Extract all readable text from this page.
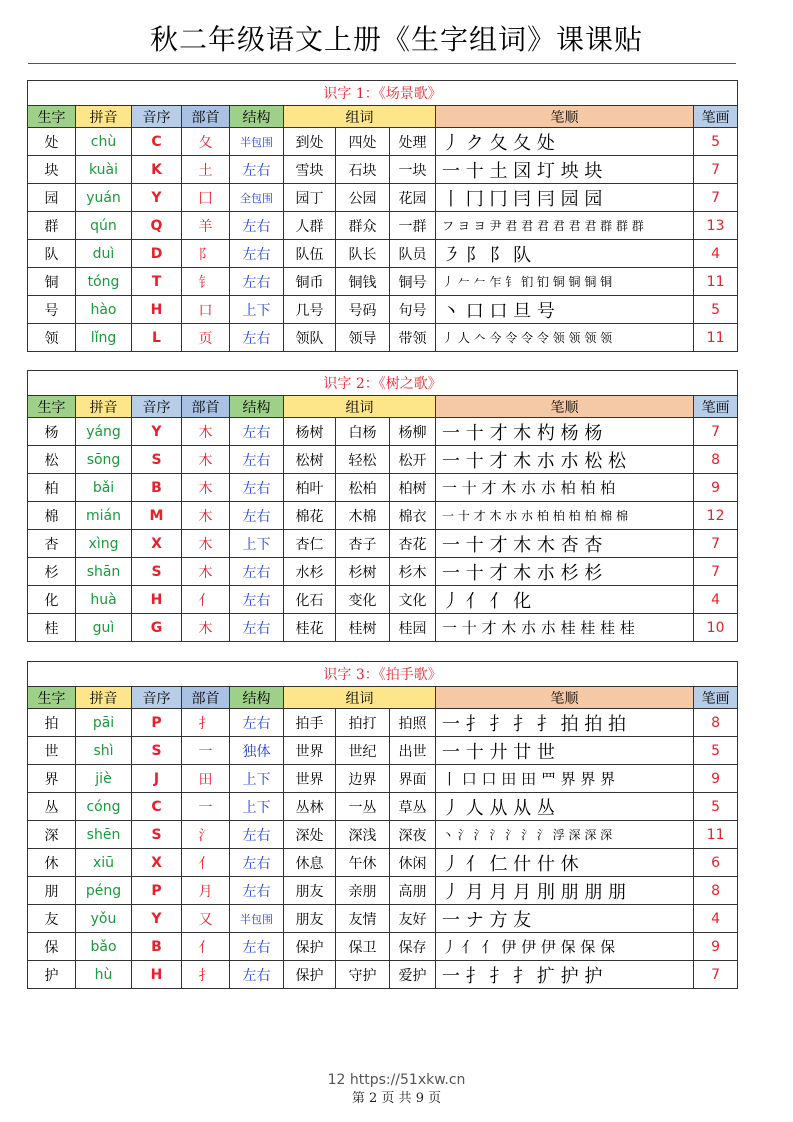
秋二年级语文上册《生字组词》课课贴
识字 1：《场景歌》									
生字	拼音	音序	部首	结构	组词			笔顺	笔画
处	chù	C	夂	半包围	到处	四处	处理	丿 ク 夂 夂 处	5
块	kuài	K	土	左右	雪块	石块	一块	一 十 土 㘝 圢 坱 块	7
园	yuán	Y	囗	全包围	园丁	公园	花园	丨 冂 冂 冃 冃 园 园	7
群	qún	Q	羊	左右	人群	群众	一群	フ ヨ ヨ 尹 君 君 君 君 君 君 群 群 群	13
队	duì	D	阝	左右	队伍	队长	队员	㇋ 阝 阝 队	4
铜	tóng	T	钅	左右	铜币	铜钱	铜号	丿 𠂉 𠂉 乍 钅 钔 钔 铜 铜 铜 铜	11
号	hào	H	口	上下	几号	号码	句号	丶 口 口 旦 号	5
领	lǐng	L	页	左右	领队	领导	带领	丿 人 𠆢 今 令 令 令 领 领 领 领	11
识字 2：《树之歌》									
生字	拼音	音序	部首	结构	组词			笔顺	笔画
杨	yáng	Y	木	左右	杨树	白杨	杨柳	一 十 才 木 杓 杨 杨	7
松	sōng	S	木	左右	松树	轻松	松开	一 十 才 木 朩 朩 松 松	8
柏	bǎi	B	木	左右	柏叶	松柏	柏树	一 十 才 木 朩 朩 柏 柏 柏	9
棉	mián	M	木	左右	棉花	木棉	棉衣	一 十 才 木 朩 朩 柏 柏 柏 柏 棉 棉	12
杏	xìng	X	木	上下	杏仁	杏子	杏花	一 十 才 木 木 杏 杏	7
杉	shān	S	木	左右	水杉	杉树	杉木	一 十 才 木 朩 杉 杉	7
化	huà	H	亻	左右	化石	变化	文化	丿 亻 亻 化	4
桂	guì	G	木	左右	桂花	桂树	桂园	一 十 才 木 朩 朩 桂 桂 桂 桂	10
识字 3：《拍手歌》									
生字	拼音	音序	部首	结构	组词			笔顺	笔画
拍	pāi	P	扌	左右	拍手	拍打	拍照	一 扌 扌 扌 扌 拍 拍 拍	8
世	shì	S	一	独体	世界	世纪	出世	一 十 廾 廿 世	5
界	jiè	J	田	上下	世界	边界	界面	丨 口 口 田 田 罒 界 界 界	9
丛	cóng	C	一	上下	丛林	一丛	草丛	丿 人 从 从 丛	5
深	shēn	S	氵	左右	深处	深浅	深夜	丶 氵 氵 氵 氵 氵 氵 浮 深 深 深	11
休	xiū	X	亻	左右	休息	午休	休闲	丿 亻 仁 什 什 休	6
朋	péng	P	月	左右	朋友	亲朋	高朋	丿 月 月 月 刖 朋 朋 朋	8
友	yǒu	Y	又	半包围	朋友	友情	友好	一 ナ 方 友	4
保	bǎo	B	亻	左右	保护	保卫	保存	丿 亻 亻 伊 伊 伊 保 保 保	9
护	hù	H	扌	左右	保护	守护	爱护	一 扌 扌 扌 扩 护 护	7
12 https://51xkw.cn
第 2 页 共 9 页
